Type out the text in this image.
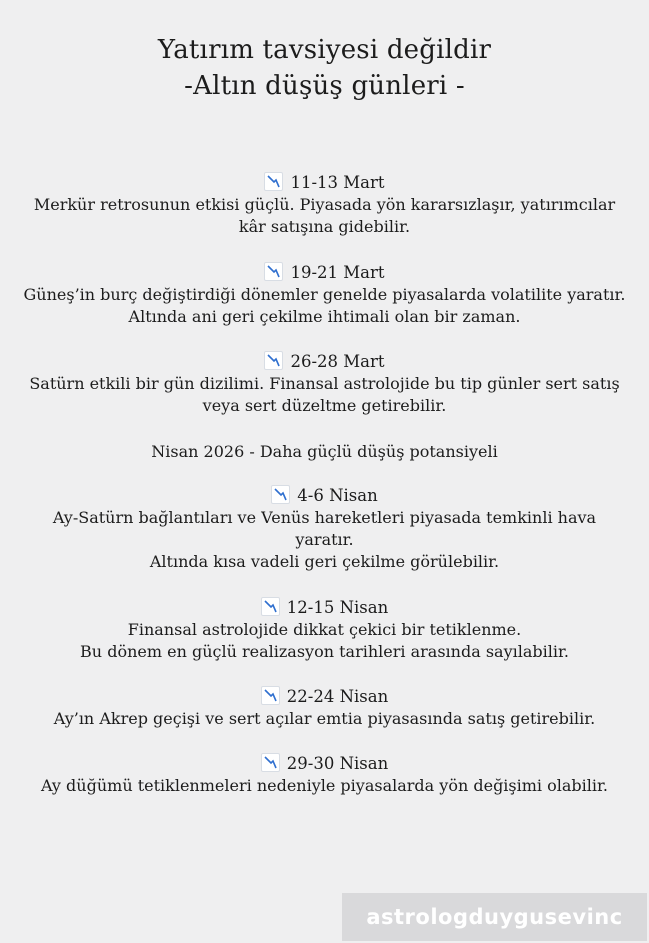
Yatırım tavsiyesi değildir
-Altın düşüş günleri -
11-13 Mart
Merkür retrosunun etkisi güçlü. Piyasada yön kararsızlaşır, yatırımcılar
kâr satışına gidebilir.
19-21 Mart
Güneş’in burç değiştirdiği dönemler genelde piyasalarda volatilite yaratır.
Altında ani geri çekilme ihtimali olan bir zaman.
26-28 Mart
Satürn etkili bir gün dizilimi. Finansal astrolojide bu tip günler sert satış
veya sert düzeltme getirebilir.
Nisan 2026 - Daha güçlü düşüş potansiyeli
4-6 Nisan
Ay-Satürn bağlantıları ve Venüs hareketleri piyasada temkinli hava
yaratır.
Altında kısa vadeli geri çekilme görülebilir.
12-15 Nisan
Finansal astrolojide dikkat çekici bir tetiklenme.
Bu dönem en güçlü realizasyon tarihleri arasında sayılabilir.
22-24 Nisan
Ay’ın Akrep geçişi ve sert açılar emtia piyasasında satış getirebilir.
29-30 Nisan
Ay düğümü tetiklenmeleri nedeniyle piyasalarda yön değişimi olabilir.
astrologduygusevinc
